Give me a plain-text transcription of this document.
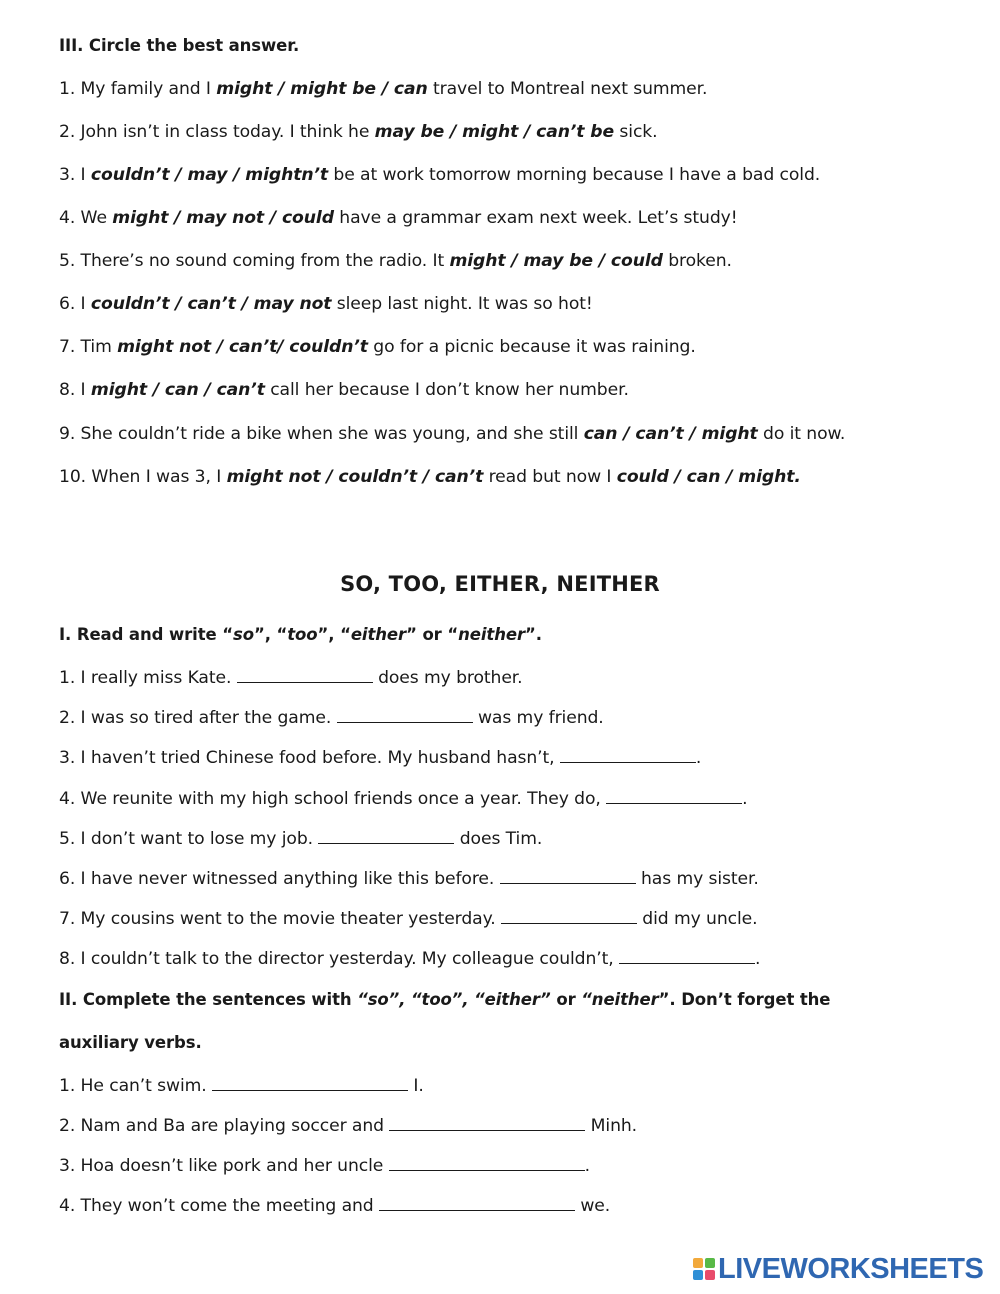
III. Circle the best answer.
1. My family and I might / might be / can travel to Montreal next summer.
2. John isn’t in class today. I think he may be / might / can’t be sick.
3. I couldn’t / may / mightn’t be at work tomorrow morning because I have a bad cold.
4. We might / may not / could have a grammar exam next week. Let’s study!
5. There’s no sound coming from the radio. It might / may be / could broken.
6. I couldn’t / can’t / may not sleep last night. It was so hot!
7. Tim might not / can’t/ couldn’t go for a picnic because it was raining.
8. I might / can / can’t call her because I don’t know her number.
9. She couldn’t ride a bike when she was young, and she still can / can’t / might do it now.
10. When I was 3, I might not / couldn’t / can’t read but now I could / can / might.
SO, TOO, EITHER, NEITHER
I. Read and write “so”, “too”, “either” or “neither”.
1. I really miss Kate.	does my brother.
2. I was so tired after the game.	was my friend.
3. I haven’t tried Chinese food before. My husband hasn’t,	.
4. We reunite with my high school friends once a year. They do,	.
5. I don’t want to lose my job.	does Tim.
6. I have never witnessed anything like this before.	has my sister.
7. My cousins went to the movie theater yesterday.	did my uncle.
8. I couldn’t talk to the director yesterday. My colleague couldn’t,	.
II. Complete the sentences with “so”, “too”, “either” or “neither”. Don’t forget the
auxiliary verbs.
1. He can’t swim.	I.
2. Nam and Ba are playing soccer and	Minh.
3. Hoa doesn’t like pork and her uncle	.
4. They won’t come the meeting and	we.
LIVEWORKSHEETS
